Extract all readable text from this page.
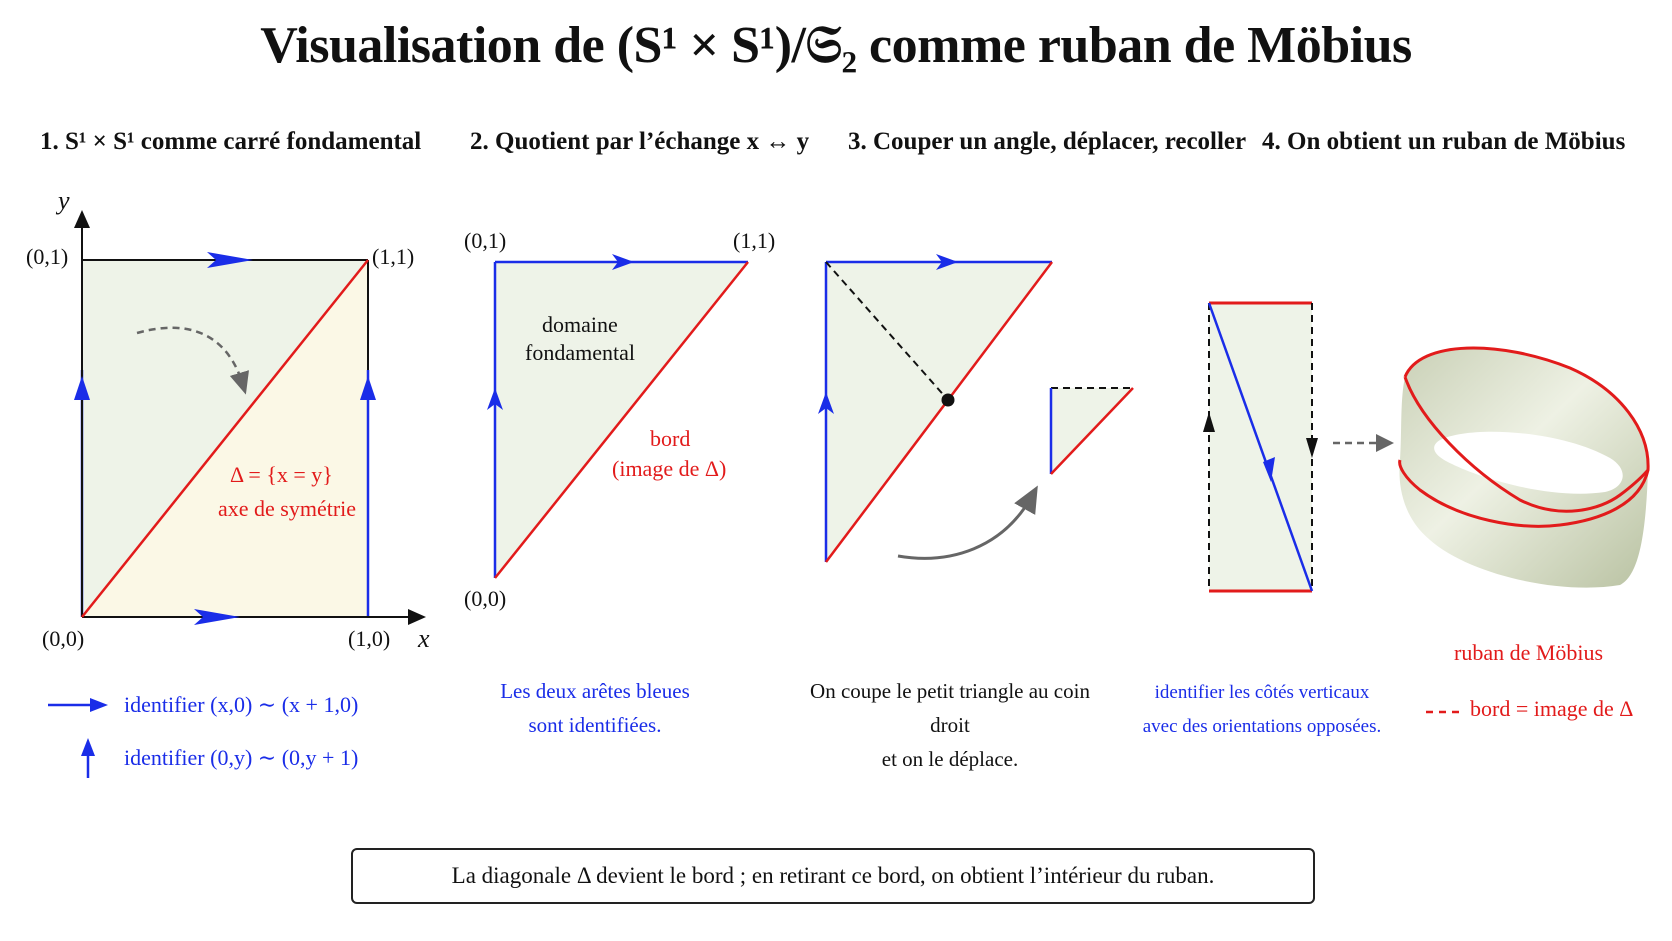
Visualisation de (S¹ × S¹)/𝔖₂ comme ruban de Möbius
1. S¹ × S¹ comme carré fondamental 2. Quotient par l’échange x ↔ y 3. Couper un angle, déplacer, recoller 4. On obtient un ruban de Möbius
y
x
(0,1)	(1,1)
(0,0)	(1,0)
Δ = {x = y}
axe de symétrie
identifier (x,0) ∼ (x + 1,0)
identifier (0,y) ∼ (0,y + 1)
(0,1)	(1,1)
(0,0)
domaine
fondamental
bord
(image de Δ)
Les deux arêtes bleues
sont identifiées.
On coupe le petit triangle au coin droit
et on le déplace.
identifier les côtés verticaux
avec des orientations opposées.
ruban de Möbius
bord = image de Δ
La diagonale Δ devient le bord ; en retirant ce bord, on obtient l’intérieur du ruban.
